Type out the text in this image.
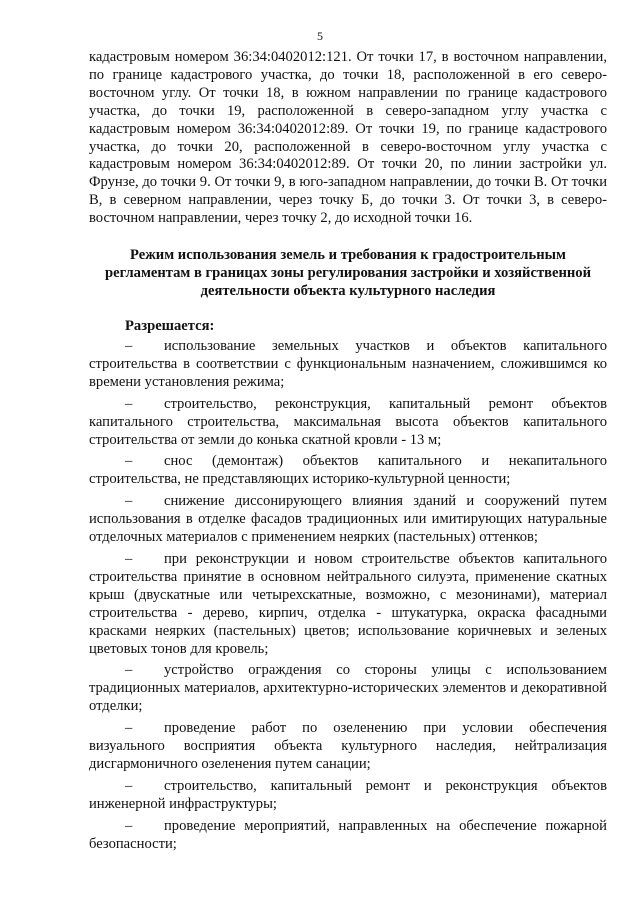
5
кадастровым номером 36:34:0402012:121. От точки 17, в восточном направлении, по границе кадастрового участка, до точки 18, расположенной в его северо-восточном углу. От точки 18, в южном направлении по границе кадастрового участка, до точки 19, расположенной в северо-западном углу участка с кадастровым номером 36:34:0402012:89. От точки 19, по границе кадастрового участка, до точки 20, расположенной в северо-восточном углу участка с кадастровым номером 36:34:0402012:89. От точки 20, по линии застройки ул. Фрунзе, до точки 9. От точки 9, в юго-западном направлении, до точки В. От точки В, в северном направлении, через точку Б, до точки 3. От точки 3, в северо-восточном направлении, через точку 2, до исходной точки 16.
Режим использования земель и требования к градостроительным регламентам в границах зоны регулирования застройки и хозяйственной деятельности объекта культурного наследия
Разрешается:
– использование земельных участков и объектов капитального строительства в соответствии с функциональным назначением, сложившимся ко времени установления режима;
– строительство, реконструкция, капитальный ремонт объектов капитального строительства, максимальная высота объектов капитального строительства от земли до конька скатной кровли - 13 м;
– снос (демонтаж) объектов капитального и некапитального строительства, не представляющих историко-культурной ценности;
– снижение диссонирующего влияния зданий и сооружений путем использования в отделке фасадов традиционных или имитирующих натуральные отделочных материалов с применением неярких (пастельных) оттенков;
– при реконструкции и новом строительстве объектов капитального строительства принятие в основном нейтрального силуэта, применение скатных крыш (двускатные или четырехскатные, возможно, с мезонинами), материал строительства - дерево, кирпич, отделка - штукатурка, окраска фасадными красками неярких (пастельных) цветов; использование коричневых и зеленых цветовых тонов для кровель;
– устройство ограждения со стороны улицы с использованием традиционных материалов, архитектурно-исторических элементов и декоративной отделки;
– проведение работ по озеленению при условии обеспечения визуального восприятия объекта культурного наследия, нейтрализация дисгармоничного озеленения путем санации;
– строительство, капитальный ремонт и реконструкция объектов инженерной инфраструктуры;
– проведение мероприятий, направленных на обеспечение пожарной безопасности;
